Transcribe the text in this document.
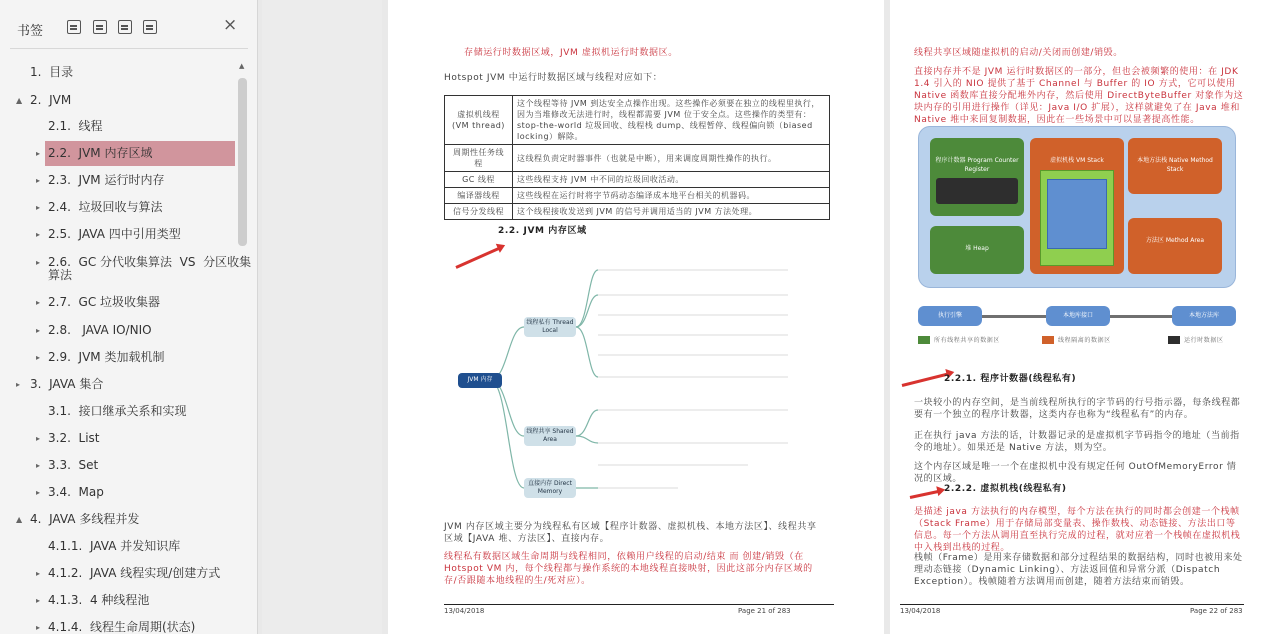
书签	×
1.  目录
▲ 2.  JVM
2.1.  线程
▸ 2.2.  JVM 内存区域
▸ 2.3.  JVM 运行时内存
▸ 2.4.  垃圾回收与算法
▸ 2.5.  JAVA 四中引用类型
▸ 2.6.  GC 分代收集算法  VS  分区收集
算法
▸ 2.7.  GC 垃圾收集器
▸ 2.8.   JAVA IO/NIO
▸ 2.9.  JVM 类加载机制
▸ 3.  JAVA 集合
3.1.  接口继承关系和实现
▸ 3.2.  List
▸ 3.3.  Set
▸ 3.4.  Map
▲ 4.  JAVA 多线程并发
4.1.1.  JAVA 并发知识库
▸ 4.1.2.  JAVA 线程实现/创建方式
▸ 4.1.3.  4 种线程池
▸ 4.1.4.  线程生命周期(状态)
▲
存储运行时数据区域，JVM 虚拟机运行时数据区。
Hotspot JVM 中运行时数据区域与线程对应如下：
虚拟机线程
(VM thread)	这个线程等待 JVM 到达安全点操作出现。这些操作必须要在独立的线程里执行，因为当堆修改无法进行时，线程都需要 JVM 位于安全点。这些操作的类型有：stop-the-world 垃圾回收、线程栈 dump、线程暂停、线程偏向锁（biased locking）解除。
周期性任务线程	这线程负责定时器事件（也就是中断），用来调度周期性操作的执行。
GC 线程	这些线程支持 JVM 中不同的垃圾回收活动。
编译器线程	这些线程在运行时将字节码动态编译成本地平台相关的机器码。
信号分发线程	这个线程接收发送到 JVM 的信号并调用适当的 JVM 方法处理。
2.2. JVM 内存区域
JVM 内存
线程私有 Thread Local
线程共享 Shared Area
直接内存 Direct Memory
JVM 内存区域主要分为线程私有区域【程序计数器、虚拟机栈、本地方法区】、线程共享区域【JAVA 堆、方法区】、直接内存。
线程私有数据区域生命周期与线程相同，依赖用户线程的启动/结束 而 创建/销毁（在 Hotspot VM 内，每个线程都与操作系统的本地线程直接映射，因此这部分内存区域的存/否跟随本地线程的生/死对应）。
13/04/2018	Page 21 of 283
线程共享区域随虚拟机的启动/关闭而创建/销毁。
直接内存并不是 JVM 运行时数据区的一部分，但也会被频繁的使用：在 JDK 1.4 引入的 NIO 提供了基于 Channel 与 Buffer 的 IO 方式，它可以使用 Native 函数库直接分配堆外内存，然后使用 DirectByteBuffer 对象作为这块内存的引用进行操作（详见：Java I/O 扩展），这样就避免了在 Java 堆和 Native 堆中来回复制数据，因此在一些场景中可以显著提高性能。
程序计数器 Program Counter Register
堆 Heap
虚拟机栈 VM Stack	本地方法栈 Native Method Stack
方法区 Method Area
执行引擎	本地库接口	本地方法库
所有线程共享的数据区	线程隔离的数据区	运行时数据区
2.2.1. 程序计数器(线程私有)
一块较小的内存空间，是当前线程所执行的字节码的行号指示器，每条线程都要有一个独立的程序计数器，这类内存也称为“线程私有”的内存。
正在执行 java 方法的话，计数器记录的是虚拟机字节码指令的地址（当前指令的地址）。如果还是 Native 方法，则为空。
这个内存区域是唯一一个在虚拟机中没有规定任何 OutOfMemoryError 情况的区域。
2.2.2. 虚拟机栈(线程私有)
是描述 java 方法执行的内存模型，每个方法在执行的同时都会创建一个栈帧（Stack Frame）用于存储局部变量表、操作数栈、动态链接、方法出口等信息。每一个方法从调用直至执行完成的过程，就对应着一个栈帧在虚拟机栈中入栈到出栈的过程。
栈帧（Frame）是用来存储数据和部分过程结果的数据结构，同时也被用来处理动态链接（Dynamic Linking）、方法返回值和异常分派（Dispatch Exception）。栈帧随着方法调用而创建，随着方法结束而销毁。
13/04/2018	Page 22 of 283
